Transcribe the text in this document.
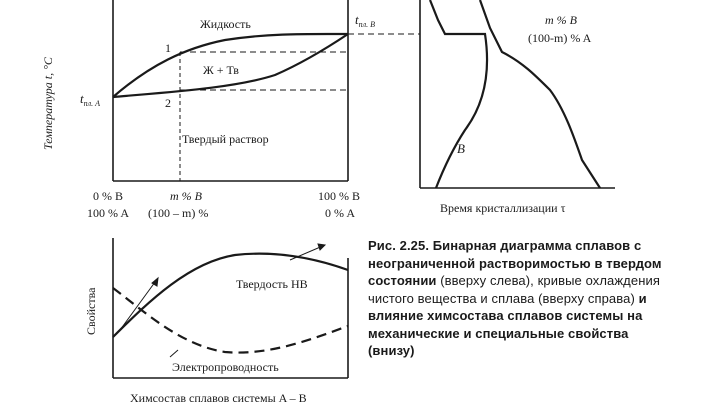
Температура t, °C $t_{пл. A}$
$t_{пл. B}$
Жидкость
Ж + Тв
Твердый раствор
1
2
0 % B
100 % A
m % B
(100 – m) %
100 % B
0 % A
m % B
(100-m) % A
B
Время кристаллизации τ
Свойства
Твердость HB
Электропроводность
Химсостав сплавов системы A – B
Рис. 2.25. Бинарная диаграмма сплавов с неограниченной растворимостью в твердом состоянии (вверху слева), кривые охлаждения чистого вещества и сплава (вверху справа) и влияние химсостава сплавов системы на механические и специальные свойства (внизу)
